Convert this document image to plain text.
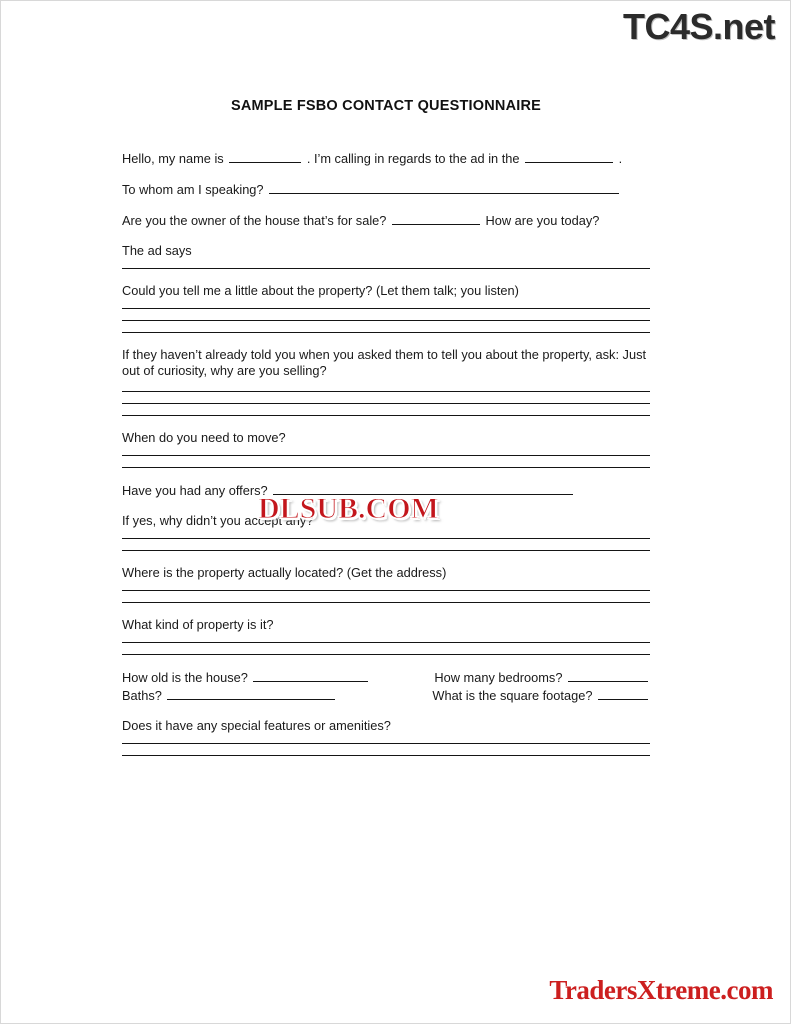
TC4S.net
DLSUB.COM
TradersXtreme.com
SAMPLE FSBO CONTACT QUESTIONNAIRE
Hello, my name is	. I’m calling in regards to the ad in the	.
To whom am I speaking?
Are you the owner of the house that’s for sale?	How are you today?
The ad says
Could you tell me a little about the property? (Let them talk; you listen)
If they haven’t already told you when you asked them to tell you about the property, ask: Just out of curiosity, why are you selling?
When do you need to move?
Have you had any offers?
If yes, why didn’t you accept any?
Where is the property actually located? (Get the address)
What kind of property is it?
How old is the house?	How many bedrooms?
Baths?	What is the square footage?
Does it have any special features or amenities?
